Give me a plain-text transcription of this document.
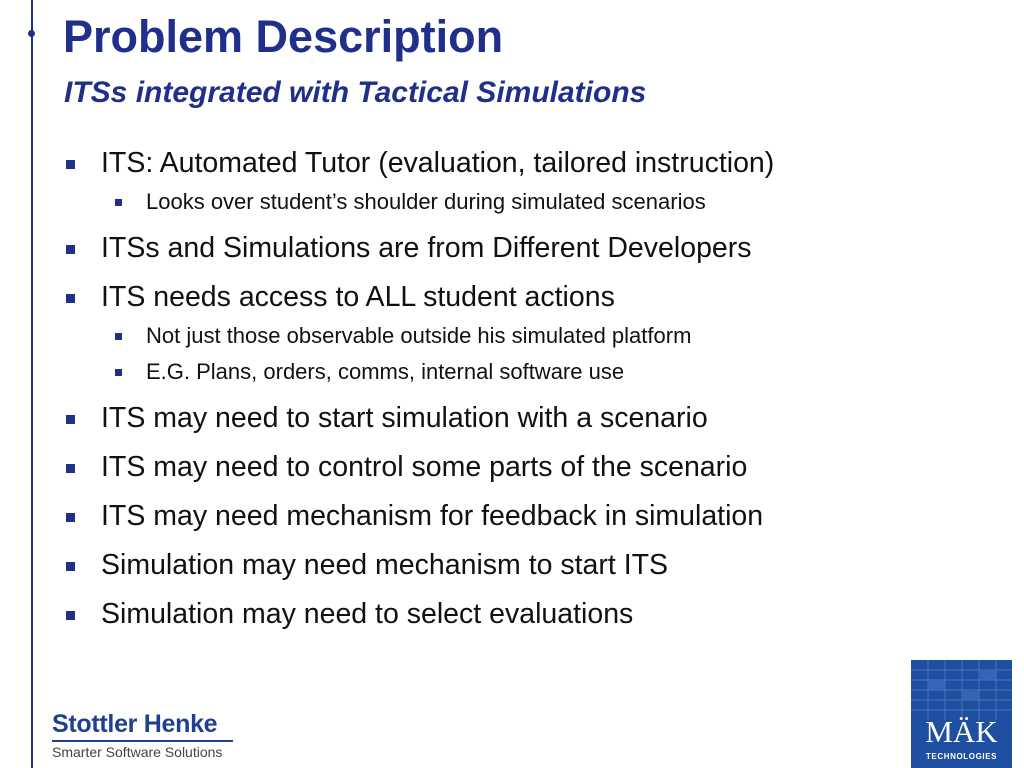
Problem Description
ITSs integrated with Tactical Simulations
ITS: Automated Tutor (evaluation, tailored instruction)
Looks over student’s shoulder during simulated scenarios
ITSs and Simulations are from Different Developers
ITS needs access to ALL student actions
Not just those observable outside his simulated platform
E.G. Plans, orders, comms, internal software use
ITS may need to start simulation with a scenario
ITS may need to control some parts of the scenario
ITS may need mechanism for feedback in simulation
Simulation may need mechanism to start ITS
Simulation may need to select evaluations
Stottler Henke
Smarter Software Solutions
MÄK
TECHNOLOGIES
